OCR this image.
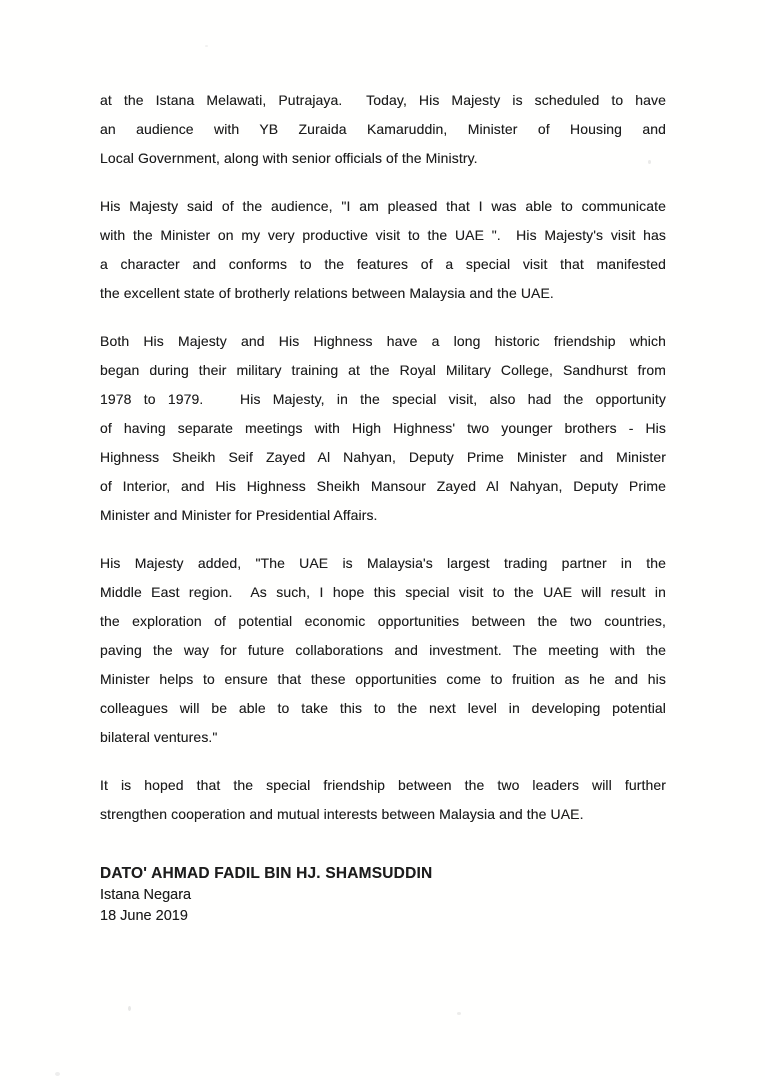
at the Istana Melawati, Putrajaya.  Today, His Majesty is scheduled to have
an audience with YB Zuraida Kamaruddin, Minister of Housing and
Local Government, along with senior officials of the Ministry.
His Majesty said of the audience, "I am pleased that I was able to communicate
with the Minister on my very productive visit to the UAE ".  His Majesty's visit has
a character and conforms to the features of a special visit that manifested
the excellent state of brotherly relations between Malaysia and the UAE.
Both His Majesty and His Highness have a long historic friendship which
began during their military training at the Royal Military College, Sandhurst from
1978 to 1979.   His Majesty, in the special visit, also had the opportunity
of having separate meetings with High Highness' two younger brothers - His
Highness Sheikh Seif Zayed Al Nahyan, Deputy Prime Minister and Minister
of Interior, and His Highness Sheikh Mansour Zayed Al Nahyan, Deputy Prime
Minister and Minister for Presidential Affairs.
His Majesty added, "The UAE is Malaysia's largest trading partner in the
Middle East region.  As such, I hope this special visit to the UAE will result in
the exploration of potential economic opportunities between the two countries,
paving the way for future collaborations and investment. The meeting with the
Minister helps to ensure that these opportunities come to fruition as he and his
colleagues will be able to take this to the next level in developing potential
bilateral ventures."
It is hoped that the special friendship between the two leaders will further
strengthen cooperation and mutual interests between Malaysia and the UAE.
DATO' AHMAD FADIL BIN HJ. SHAMSUDDIN
Istana Negara
18 June 2019
